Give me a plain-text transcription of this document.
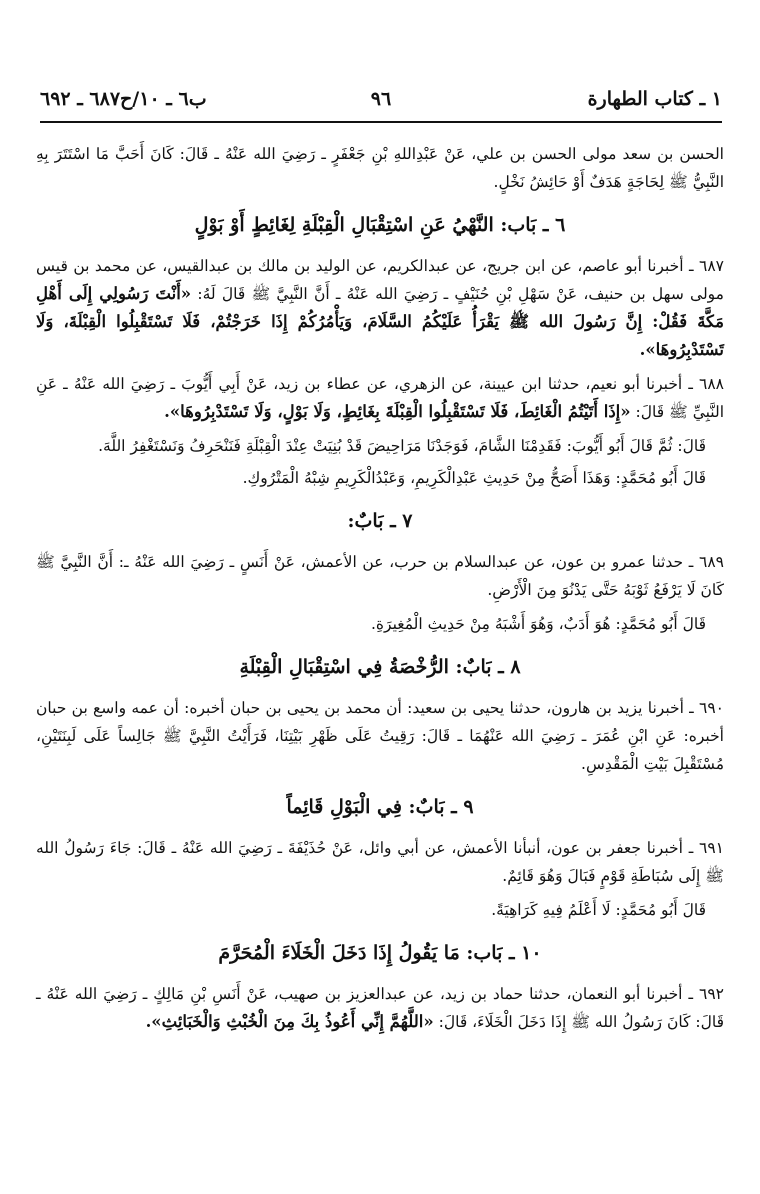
١ ـ كتاب الطهارة
٩٦
ب٦ ـ ١٠/ح٦٨٧ ـ ٦٩٢

الحسن بن سعد مولى الحسن بن علي، عَنْ عَبْدِاللهِ بْنِ جَعْفَرٍ ـ رَضِيَ الله عَنْهُ ـ قَالَ: كَانَ أَحَبَّ مَا اسْتَتَرَ بِهِ النَّبِيُّ ﷺ لِحَاجَةٍ هَدَفٌ أَوْ حَائِشُ نَخْلٍ.

٦ ـ بَاب: النَّهْيُ عَنِ اسْتِقْبَالِ الْقِبْلَةِ لِغَائِطٍ أَوْ بَوْلٍ

٦٨٧ ـ أخبرنا أبو عاصم، عن ابن جريج، عن عبدالكريم، عن الوليد بن مالك بن عبدالقيس، عن محمد بن قيس مولى سهل بن حنيف، عَنْ سَهْلِ بْنِ حُنَيْفٍ ـ رَضِيَ الله عَنْهُ ـ أَنَّ النَّبِيَّ ﷺ قَالَ لَهُ: «أَنْتَ رَسُولِي إِلَى أَهْلِ مَكَّةَ فَقُلْ: إِنَّ رَسُولَ الله ﷺ يَقْرَأُ عَلَيْكُمُ السَّلَامَ، وَيَأْمُرُكُمْ إِذَا خَرَجْتُمْ، فَلَا تَسْتَقْبِلُوا الْقِبْلَةَ، وَلَا تَسْتَدْبِرُوهَا».

٦٨٨ ـ أخبرنا أبو نعيم، حدثنا ابن عيينة، عن الزهري، عن عطاء بن زيد، عَنْ أَبِي أَيُّوبَ ـ رَضِيَ الله عَنْهُ ـ عَنِ النَّبِيِّ ﷺ قَالَ: «إِذَا أَتَيْتُمُ الْغَائِطَ، فَلَا تَسْتَقْبِلُوا الْقِبْلَةَ بِغَائِطٍ، وَلَا بَوْلٍ، وَلَا تَسْتَدْبِرُوهَا».

قَالَ: ثُمَّ قَالَ أَبُو أَيُّوبَ: فَقَدِمْنَا الشَّامَ، فَوَجَدْنَا مَرَاحِيضَ قَدْ بُنِيَتْ عِنْدَ الْقِبْلَةِ فَنَنْحَرِفُ وَنَسْتَغْفِرُ اللَّهَ.

قَالَ أَبُو مُحَمَّدٍ: وَهَذَا أَصَحُّ مِنْ حَدِيثِ عَبْدِالْكَرِيمِ، وَعَبْدُالْكَرِيمِ شِبْهُ الْمَتْرُوكِ.

٧ ـ بَابٌ:

٦٨٩ ـ حدثنا عمرو بن عون، عن عبدالسلام بن حرب، عن الأعمش، عَنْ أَنَسٍ ـ رَضِيَ الله عَنْهُ ـ: أَنَّ النَّبِيَّ ﷺ كَانَ لَا يَرْفَعُ ثَوْبَهُ حَتَّى يَدْنُوَ مِنَ الْأَرْضِ.

قَالَ أَبُو مُحَمَّدٍ: هُوَ أَدَبٌ، وَهُوَ أَشْبَهُ مِنْ حَدِيثِ الْمُغِيرَةِ.

٨ ـ بَابٌ: الرُّخْصَةُ فِي اسْتِقْبَالِ الْقِبْلَةِ

٦٩٠ ـ أخبرنا يزيد بن هارون، حدثنا يحيى بن سعيد: أن محمد بن يحيى بن حبان أخبره: أن عمه واسع بن حبان أخبره: عَنِ ابْنِ عُمَرَ ـ رَضِيَ الله عَنْهُمَا ـ قَالَ: رَقِيتُ عَلَى ظَهْرِ بَيْتِنَا، فَرَأَيْتُ النَّبِيَّ ﷺ جَالِساً عَلَى لَبِنَتَيْنِ، مُسْتَقْبِلَ بَيْتِ الْمَقْدِسِ.

٩ ـ بَابٌ: فِي الْبَوْلِ قَائِماً

٦٩١ ـ أخبرنا جعفر بن عون، أنبأنا الأعمش، عن أبي وائل، عَنْ حُذَيْفَةَ ـ رَضِيَ الله عَنْهُ ـ قَالَ: جَاءَ رَسُولُ الله ﷺ إِلَى سُبَاطَةِ قَوْمٍ فَبَالَ وَهُوَ قَائِمٌ.

قَالَ أَبُو مُحَمَّدٍ: لَا أَعْلَمُ فِيهِ كَرَاهِيَةً.

١٠ ـ بَاب: مَا يَقُولُ إِذَا دَخَلَ الْخَلَاءَ الْمُحَرَّمَ

٦٩٢ ـ أخبرنا أبو النعمان، حدثنا حماد بن زيد، عن عبدالعزيز بن صهيب، عَنْ أَنَسِ بْنِ مَالِكٍ ـ رَضِيَ الله عَنْهُ ـ قَالَ: كَانَ رَسُولُ الله ﷺ إِذَا دَخَلَ الْخَلَاءَ، قَالَ: «اللَّهُمَّ إِنِّي أَعُوذُ بِكَ مِنَ الْخُبْثِ وَالْخَبَائِثِ».
